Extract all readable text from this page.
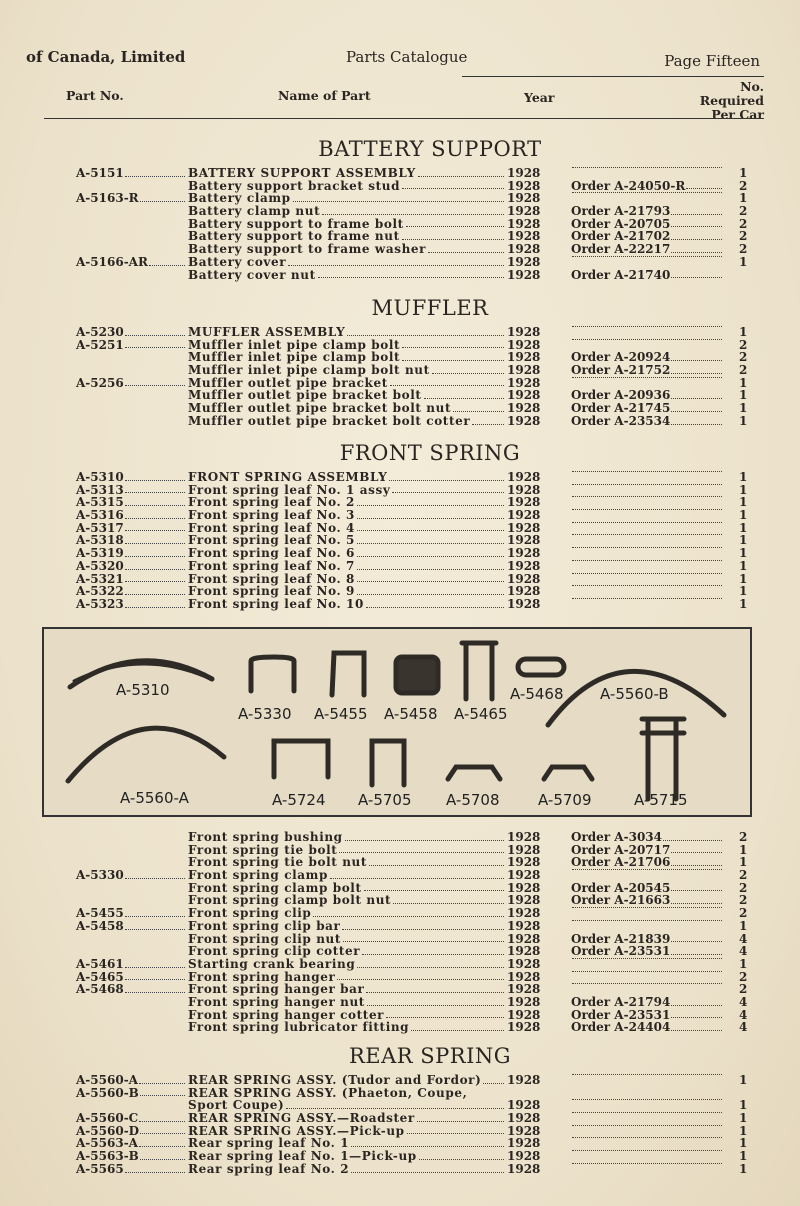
of Canada, Limited	Parts Catalogue	Page Fifteen
Part No.	Name of Part	Year
No.
Required
Per Car
BATTERY SUPPORT
A-5151	BATTERY SUPPORT ASSEMBLY	1928	1
Battery support bracket stud	1928	Order A-24050-R	2
A-5163-R	Battery clamp	1928	1
Battery clamp nut	1928	Order A-21793	2
Battery support to frame bolt	1928	Order A-20705	2
Battery support to frame nut	1928	Order A-21702	2
Battery support to frame washer	1928	Order A-22217	2
A-5166-AR	Battery cover	1928	1
Battery cover nut	1928	Order A-21740
MUFFLER
A-5230	MUFFLER ASSEMBLY	1928	1
A-5251	Muffler inlet pipe clamp bolt	1928	2
Muffler inlet pipe clamp bolt	1928	Order A-20924	2
Muffler inlet pipe clamp bolt nut	1928	Order A-21752	2
A-5256	Muffler outlet pipe bracket	1928	1
Muffler outlet pipe bracket bolt	1928	Order A-20936	1
Muffler outlet pipe bracket bolt nut	1928	Order A-21745	1
Muffler outlet pipe bracket bolt cotter	1928	Order A-23534	1
FRONT SPRING
A-5310	FRONT SPRING ASSEMBLY	1928	1
A-5313	Front spring leaf No. 1 assy	1928	1
A-5315	Front spring leaf No. 2	1928	1
A-5316	Front spring leaf No. 3	1928	1
A-5317	Front spring leaf No. 4	1928	1
A-5318	Front spring leaf No. 5	1928	1
A-5319	Front spring leaf No. 6	1928	1
A-5320	Front spring leaf No. 7	1928	1
A-5321	Front spring leaf No. 8	1928	1
A-5322	Front spring leaf No. 9	1928	1
A-5323	Front spring leaf No. 10	1928	1
Front spring bushing	1928	Order A-3034	2
Front spring tie bolt	1928	Order A-20717	1
Front spring tie bolt nut	1928	Order A-21706	1
A-5330	Front spring clamp	1928	2
Front spring clamp bolt	1928	Order A-20545	2
Front spring clamp bolt nut	1928	Order A-21663	2
A-5455	Front spring clip	1928	2
A-5458	Front spring clip bar	1928	1
Front spring clip nut	1928	Order A-21839	4
Front spring clip cotter	1928	Order A-23531	4
A-5461	Starting crank bearing	1928	1
A-5465	Front spring hanger	1928	2
A-5468	Front spring hanger bar	1928	2
Front spring hanger nut	1928	Order A-21794	4
Front spring hanger cotter	1928	Order A-23531	4
Front spring lubricator fitting	1928	Order A-24404	4
REAR SPRING
A-5560-A	REAR SPRING ASSY. (Tudor and Fordor) 1928	1
A-5560-B	REAR SPRING ASSY. (Phaeton, Coupe,
Sport Coupe)	1928	1
A-5560-C	REAR SPRING ASSY.—Roadster	1928	1
A-5560-D	REAR SPRING ASSY.—Pick-up	1928	1
A-5563-A	Rear spring leaf No. 1	1928	1
A-5563-B	Rear spring leaf No. 1—Pick-up	1928	1
A-5565	Rear spring leaf No. 2	1928	1
A-5310
A-5330 A-5455 A-5458 A-5465
A-5468 A-5560-B
A-5560-A	A-5724 A-5705 A-5708	A-5709	A-5715
